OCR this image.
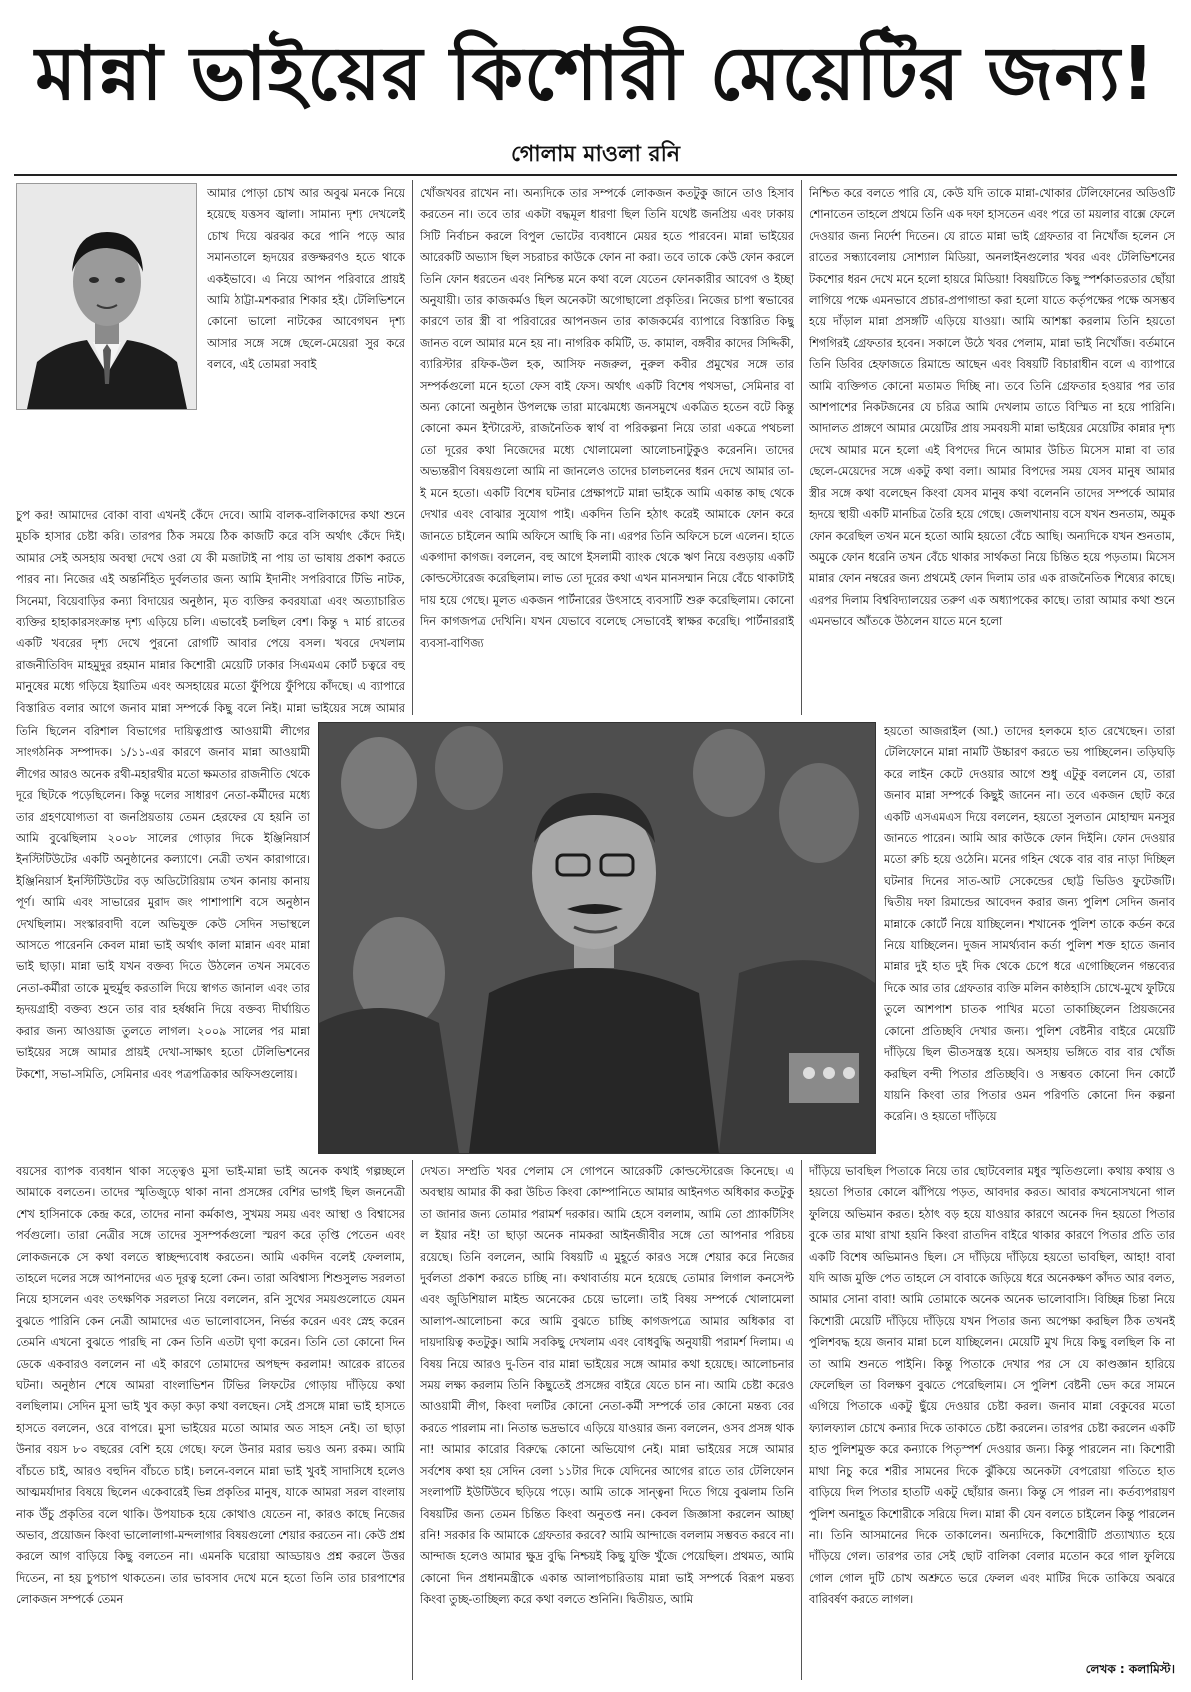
মান্না ভাইয়ের কিশোরী মেয়েটির জন্য!
গোলাম মাওলা রনি
আমার পোড়া চোখ আর অবুঝ মনকে নিয়ে হয়েছে যত্তসব জ্বালা। সামান্য দৃশ্য দেখলেই চোখ দিয়ে ঝরঝর করে পানি পড়ে আর সমানতালে হৃদয়ের রক্তক্ষরণও হতে থাকে একইভাবে। এ নিয়ে আপন পরিবারে প্রায়ই আমি ঠাট্টা-মশকরার শিকার হই। টেলিভিশনে কোনো ভালো নাটকের আবেগঘন দৃশ্য আসার সঙ্গে সঙ্গে ছেলে-মেয়েরা সুর করে বলবে, এই তোমরা সবাই
চুপ কর! আমাদের বোকা বাবা এখনই কেঁদে দেবে। আমি বালক-বালিকাদের কথা শুনে মুচকি হাসার চেষ্টা করি। তারপর ঠিক সময়ে ঠিক কাজটি করে বসি অর্থাৎ কেঁদে দিই। আমার সেই অসহায় অবস্থা দেখে ওরা যে কী মজাটাই না পায় তা ভাষায় প্রকাশ করতে পারব না। নিজের এই অন্তর্নিহিত দুর্বলতার জন্য আমি ইদানীং সপরিবারে টিভি নাটক, সিনেমা, বিয়েবাড়ির কন্যা বিদায়ের অনুষ্ঠান, মৃত ব্যক্তির কবরযাত্রা এবং অত্যাচারিত ব্যক্তির হাহাকারসংক্রান্ত দৃশ্য এড়িয়ে চলি। এভাবেই চলছিল বেশ। কিন্তু ৭ মার্চ রাতের একটি খবরের দৃশ্য দেখে পুরনো রোগটি আবার পেয়ে বসল। খবরে দেখলাম রাজনীতিবিদ মাহমুদুর রহমান মান্নার কিশোরী মেয়েটি ঢাকার সিএমএম কোর্ট চত্বরে বহু মানুষের মধ্যে গড়িয়ে ইয়াতিম এবং অসহায়ের মতো ফুঁপিয়ে ফুঁপিয়ে কাঁদছে। এ ব্যাপারে বিস্তারিত বলার আগে জনাব মান্না সম্পর্কে কিছু বলে নিই। মান্না ভাইয়ের সঙ্গে আমার
তিনি ছিলেন বরিশাল বিভাগের দায়িত্বপ্রাপ্ত আওয়ামী লীগের সাংগঠনিক সম্পাদক। ১/১১-এর কারণে জনাব মান্না আওয়ামী লীগের আরও অনেক রথী-মহারথীর মতো ক্ষমতার রাজনীতি থেকে দূরে ছিটকে পড়েছিলেন। কিন্তু দলের সাধারণ নেতা-কর্মীদের মধ্যে তার গ্রহণযোগ্যতা বা জনপ্রিয়তায় তেমন হেরফের যে হয়নি তা আমি বুঝেছিলাম ২০০৮ সালের গোড়ার দিকে ইঞ্জিনিয়ার্স ইনস্টিটিউটের একটি অনুষ্ঠানের কল্যাণে। নেত্রী তখন কারাগারে। ইঞ্জিনিয়ার্স ইনস্টিটিউটের বড় অডিটোরিয়াম তখন কানায় কানায় পূর্ণ। আমি এবং সাভারের মুরাদ জং পাশাপাশি বসে অনুষ্ঠান দেখছিলাম। সংস্কারবাদী বলে অভিযুক্ত কেউ সেদিন সভাস্থলে আসতে পারেননি কেবল মান্না ভাই অর্থাৎ কালা মান্নান এবং মান্না ভাই ছাড়া। মান্না ভাই যখন বক্তব্য দিতে উঠলেন তখন সমবেত নেতা-কর্মীরা তাকে মুহুর্মুহু করতালি দিয়ে স্বাগত জানাল এবং তার হৃদয়গ্রাহী বক্তব্য শুনে তার বার হর্ষধ্বনি দিয়ে বক্তব্য দীর্ঘায়িত করার জন্য আওয়াজ তুলতে লাগল। ২০০৯ সালের পর মান্না ভাইয়ের সঙ্গে আমার প্রায়ই দেখা-সাক্ষাৎ হতো টেলিভিশনের টকশো, সভা-সমিতি, সেমিনার এবং পত্রপত্রিকার অফিসগুলোয়।
বয়সের ব্যাপক ব্যবধান থাকা সত্ত্বেও মুসা ভাই-মান্না ভাই অনেক কথাই গল্পচ্ছলে আমাকে বলতেন। তাদের স্মৃতিজুড়ে থাকা নানা প্রসঙ্গের বেশির ভাগই ছিল জননেত্রী শেখ হাসিনাকে কেন্দ্র করে, তাদের নানা কর্মকাণ্ড, সুখময় সময় এবং আস্থা ও বিশ্বাসের পর্বগুলো। তারা নেত্রীর সঙ্গে তাদের সুসম্পর্কগুলো স্মরণ করে তৃপ্তি পেতেন এবং লোকজনকে সে কথা বলতে স্বাচ্ছন্দ্যবোধ করতেন। আমি একদিন বলেই ফেললাম, তাহলে দলের সঙ্গে আপনাদের এত দূরত্ব হলো কেন। তারা অবিশ্বাস্য শিশুসুলভ সরলতা নিয়ে হাসলেন এবং তৎক্ষণিক সরলতা নিয়ে বললেন, রনি সুখের সময়গুলোতে যেমন বুঝতে পারিনি কেন নেত্রী আমাদের এত ভালোবাসেন, নির্ভর করেন এবং স্নেহ করেন তেমনি এখনো বুঝতে পারছি না কেন তিনি এতটা ঘৃণা করেন। তিনি তো কোনো দিন ডেকে একবারও বললেন না এই কারণে তোমাদের অপছন্দ করলাম! আরেক রাতের ঘটনা। অনুষ্ঠান শেষে আমরা বাংলাভিশন টিভির লিফটের গোড়ায় দাঁড়িয়ে কথা বলছিলাম। সেদিন মুসা ভাই খুব কড়া কড়া কথা বলছেন। সেই প্রসঙ্গে মান্না ভাই হাসতে হাসতে বললেন, ওরে বাপরে। মুসা ভাইয়ের মতো আমার অত সাহস নেই। তা ছাড়া উনার বয়স ৮০ বছরের বেশি হয়ে গেছে। ফলে উনার মরার ভয়ও অন্য রকম। আমি বাঁচতে চাই, আরও বহুদিন বাঁচতে চাই। চলনে-বলনে মান্না ভাই খুবই সাদাসিধে হলেও আত্মমর্যাদার বিষয়ে ছিলেন একেবারেই ভিন্ন প্রকৃতির মানুষ, যাকে আমরা সরল বাংলায় নাক উঁচু প্রকৃতির বলে থাকি। উপযাচক হয়ে কোথাও যেতেন না, কারও কাছে নিজের অভাব, প্রয়োজন কিংবা ভালোলাগা-মন্দলাগার বিষয়গুলো শেয়ার করতেন না। কেউ প্রশ্ন করলে আগ বাড়িয়ে কিছু বলতেন না। এমনকি ঘরোয়া আড্ডায়ও প্রশ্ন করলে উত্তর দিতেন, না হয় চুপচাপ থাকতেন। তার ভাবসাব দেখে মনে হতো তিনি তার চারপাশের লোকজন সম্পর্কে তেমন
খোঁজখবর রাখেন না। অন্যদিকে তার সম্পর্কে লোকজন কতটুকু জানে তাও হিসাব করতেন না। তবে তার একটা বদ্ধমূল ধারণা ছিল তিনি যথেষ্ট জনপ্রিয় এবং ঢাকায় সিটি নির্বাচন করলে বিপুল ভোটের ব্যবধানে মেয়র হতে পারবেন। মান্না ভাইয়ের আরেকটি অভ্যাস ছিল সচরাচর কাউকে ফোন না করা। তবে তাকে কেউ ফোন করলে তিনি ফোন ধরতেন এবং নিশ্চিন্ত মনে কথা বলে যেতেন ফোনকারীর আবেগ ও ইচ্ছা অনুযায়ী। তার কাজকর্মও ছিল অনেকটা অগোছালো প্রকৃতির। নিজের চাপা স্বভাবের কারণে তার স্ত্রী বা পরিবারের আপনজন তার কাজকর্মের ব্যাপারে বিস্তারিত কিছু জানত বলে আমার মনে হয় না। নাগরিক কমিটি, ড. কামাল, বঙ্গবীর কাদের সিদ্দিকী, ব্যারিস্টার রফিক-উল হক, আসিফ নজরুল, নুরুল কবীর প্রমুখের সঙ্গে তার সম্পর্কগুলো মনে হতো ফেস বাই ফেস। অর্থাৎ একটি বিশেষ পথসভা, সেমিনার বা অন্য কোনো অনুষ্ঠান উপলক্ষে তারা মাঝেমধ্যে জনসমুখে একত্রিত হতেন বটে কিন্তু কোনো কমন ইন্টারেস্ট, রাজনৈতিক স্বার্থ বা পরিকল্পনা নিয়ে তারা একত্রে পথচলা তো দূরের কথা নিজেদের মধ্যে খোলামেলা আলোচনাটুকুও করেননি। তাদের অভ্যন্তরীণ বিষয়গুলো আমি না জানলেও তাদের চালচলনের ধরন দেখে আমার তা-ই মনে হতো। একটি বিশেষ ঘটনার প্রেক্ষাপটে মান্না ভাইকে আমি একান্ত কাছ থেকে দেখার এবং বোঝার সুযোগ পাই। একদিন তিনি হঠাৎ করেই আমাকে ফোন করে জানতে চাইলেন আমি অফিসে আছি কি না। এরপর তিনি অফিসে চলে এলেন। হাতে একগাদা কাগজ। বললেন, বহু আগে ইসলামী ব্যাংক থেকে ঋণ নিয়ে বগুড়ায় একটি কোল্ডস্টোরেজ করেছিলাম। লাভ তো দূরের কথা এখন মানসম্মান নিয়ে বেঁচে থাকাটাই দায় হয়ে গেছে। মূলত একজন পার্টনারের উৎসাহে ব্যবসাটি শুরু করেছিলাম। কোনো দিন কাগজপত্র দেখিনি। যখন যেভাবে বলেছে সেভাবেই স্বাক্ষর করেছি। পার্টনাররাই ব্যবসা-বাণিজ্য
দেখত। সম্প্রতি খবর পেলাম সে গোপনে আরেকটি কোল্ডস্টোরেজ কিনেছে। এ অবস্থায় আমার কী করা উচিত কিংবা কোম্পানিতে আমার আইনগত অধিকার কতটুকু তা জানার জন্য তোমার পরামর্শ দরকার। আমি হেসে বললাম, আমি তো প্র্যাকটিসিং ল ইয়ার নই! তা ছাড়া অনেক নামকরা আইনজীবীর সঙ্গে তো আপনার পরিচয় রয়েছে। তিনি বললেন, আমি বিষয়টি এ মুহূর্তে কারও সঙ্গে শেয়ার করে নিজের দুর্বলতা প্রকাশ করতে চাচ্ছি না। কথাবার্তায় মনে হয়েছে তোমার লিগাল কনসেপ্ট এবং জুডিশিয়াল মাইন্ড অনেকের চেয়ে ভালো। তাই বিষয় সম্পর্কে খোলামেলা আলাপ-আলোচনা করে আমি বুঝতে চাচ্ছি কাগজপত্রে আমার অধিকার বা দায়দায়িত্ব কতটুকু। আমি সবকিছু দেখলাম এবং বোধবুদ্ধি অনুযায়ী পরামর্শ দিলাম। এ বিষয় নিয়ে আরও দু-তিন বার মান্না ভাইয়ের সঙ্গে আমার কথা হয়েছে। আলোচনার সময় লক্ষ্য করলাম তিনি কিছুতেই প্রসঙ্গের বাইরে যেতে চান না। আমি চেষ্টা করেও আওয়ামী লীগ, কিংবা দলটির কোনো নেতা-কর্মী সম্পর্কে তার কোনো মন্তব্য বের করতে পারলাম না। নিতান্ত ভদ্রভাবে এড়িয়ে যাওয়ার জন্য বললেন, ওসব প্রসঙ্গ থাক না! আমার কারোর বিরুদ্ধে কোনো অভিযোগ নেই। মান্না ভাইয়ের সঙ্গে আমার সর্বশেষ কথা হয় সেদিন বেলা ১১টার দিকে যেদিনের আগের রাতে তার টেলিফোন সংলাপটি ইউটিউবে ছড়িয়ে পড়ে। আমি তাকে সান্ত্বনা দিতে গিয়ে বুঝলাম তিনি বিষয়টির জন্য তেমন চিন্তিত কিংবা অনুতপ্ত নন। কেবল জিজ্ঞাসা করলেন আচ্ছা রনি! সরকার কি আমাকে গ্রেফতার করবে? আমি আন্দাজে বললাম সম্ভবত করবে না। আন্দাজ হলেও আমার ক্ষুদ্র বুদ্ধি নিশ্চয়ই কিছু যুক্তি খুঁজে পেয়েছিল। প্রথমত, আমি কোনো দিন প্রধানমন্ত্রীকে একান্ত আলাপচারিতায় মান্না ভাই সম্পর্কে বিরূপ মন্তব্য কিংবা তুচ্ছ-তাচ্ছিল্য করে কথা বলতে শুনিনি। দ্বিতীয়ত, আমি
নিশ্চিত করে বলতে পারি যে, কেউ যদি তাকে মান্না-খোকার টেলিফোনের অডিওটি শোনাতেন তাহলে প্রথমে তিনি এক দফা হাসতেন এবং পরে তা ময়লার বাক্সে ফেলে দেওয়ার জন্য নির্দেশ দিতেন। যে রাতে মান্না ভাই গ্রেফতার বা নিখোঁজ হলেন সে রাতের সন্ধ্যাবেলায় সোশ্যাল মিডিয়া, অনলাইনগুলোর খবর এবং টেলিভিশনের টকশোর ধরন দেখে মনে হলো হায়রে মিডিয়া! বিষয়টিতে কিছু স্পর্শকাতরতার ছোঁয়া লাগিয়ে পক্ষে এমনভাবে প্রচার-প্রপাগান্ডা করা হলো যাতে কর্তৃপক্ষের পক্ষে অসম্ভব হয়ে দাঁড়াল মান্না প্রসঙ্গটি এড়িয়ে যাওয়া। আমি আশঙ্কা করলাম তিনি হয়তো শিগগিরই গ্রেফতার হবেন। সকালে উঠে খবর পেলাম, মান্না ভাই নিখোঁজ। বর্তমানে তিনি ডিবির হেফাজতে রিমান্ডে আছেন এবং বিষয়টি বিচারাধীন বলে এ ব্যাপারে আমি ব্যক্তিগত কোনো মতামত দিচ্ছি না। তবে তিনি গ্রেফতার হওয়ার পর তার আশপাশের নিকটজনের যে চরিত্র আমি দেখলাম তাতে বিস্মিত না হয়ে পারিনি। আদালত প্রাঙ্গণে আমার মেয়েটির প্রায় সমবয়সী মান্না ভাইয়ের মেয়েটির কান্নার দৃশ্য দেখে আমার মনে হলো এই বিপদের দিনে আমার উচিত মিসেস মান্না বা তার ছেলে-মেয়েদের সঙ্গে একটু কথা বলা। আমার বিপদের সময় যেসব মানুষ আমার স্ত্রীর সঙ্গে কথা বলেছেন কিংবা যেসব মানুষ কথা বলেননি তাদের সম্পর্কে আমার হৃদয়ে স্থায়ী একটি মানচিত্র তৈরি হয়ে গেছে। জেলখানায় বসে যখন শুনতাম, অমুক ফোন করেছিল তখন মনে হতো আমি হয়তো বেঁচে আছি। অন্যদিকে যখন শুনতাম, অমুকে ফোন ধরেনি তখন বেঁচে থাকার সার্থকতা নিয়ে চিন্তিত হয়ে পড়তাম। মিসেস মান্নার ফোন নম্বরের জন্য প্রথমেই ফোন দিলাম তার এক রাজনৈতিক শিষ্যের কাছে। এরপর দিলাম বিশ্ববিদ্যালয়ের তরুণ এক অধ্যাপকের কাছে। তারা আমার কথা শুনে এমনভাবে আঁতকে উঠলেন যাতে মনে হলো
হয়তো আজরাইল (আ.) তাদের হলকমে হাত রেখেছেন। তারা টেলিফোনে মান্না নামটি উচ্চারণ করতে ভয় পাচ্ছিলেন। তড়িঘড়ি করে লাইন কেটে দেওয়ার আগে শুধু এটুকু বললেন যে, তারা জনাব মান্না সম্পর্কে কিছুই জানেন না। তবে একজন ছোট করে একটি এসএমএস দিয়ে বললেন, হয়তো সুলতান মোহাম্মদ মনসুর জানতে পারেন। আমি আর কাউকে ফোন দিইনি। ফোন দেওয়ার মতো রুচি হয়ে ওঠেনি। মনের গহিন থেকে বার বার নাড়া দিচ্ছিল ঘটনার দিনের সাত-আট সেকেন্ডের ছোট্ট ভিডিও ফুটেজটি। দ্বিতীয় দফা রিমান্ডের আবেদন করার জন্য পুলিশ সেদিন জনাব মান্নাকে কোর্টে নিয়ে যাচ্ছিলেন। শখানেক পুলিশ তাকে কর্ডন করে নিয়ে যাচ্ছিলেন। দুজন সামর্থ্যবান কর্তা পুলিশ শক্ত হাতে জনাব মান্নার দুই হাত দুই দিক থেকে চেপে ধরে এগোচ্ছিলেন গন্তব্যের দিকে আর তার গ্রেফতার ব্যক্তি মলিন কাষ্ঠহাসি চোখে-মুখে ফুটিয়ে তুলে আশপাশ চাতক পাখির মতো তাকাচ্ছিলেন প্রিয়জনের কোনো প্রতিচ্ছবি দেখার জন্য। পুলিশ বেষ্টনীর বাইরে মেয়েটি দাঁড়িয়ে ছিল ভীতসন্ত্রস্ত হয়ে। অসহায় ভঙ্গিতে বার বার খোঁজ করছিল বন্দী পিতার প্রতিচ্ছবি। ও সম্ভবত কোনো দিন কোর্টে যায়নি কিংবা তার পিতার ওমন পরিণতি কোনো দিন কল্পনা করেনি। ও হয়তো দাঁড়িয়ে
দাঁড়িয়ে ভাবছিল পিতাকে নিয়ে তার ছোটবেলার মধুর স্মৃতিগুলো। কথায় কথায় ও হয়তো পিতার কোলে ঝাঁপিয়ে পড়ত, আবদার করত। আবার কখনোসখনো গাল ফুলিয়ে অভিমান করত। হঠাৎ বড় হয়ে যাওয়ার কারণে অনেক দিন হয়তো পিতার বুকে তার মাথা রাখা হয়নি কিংবা রাতদিন বাইরে থাকার কারণে পিতার প্রতি তার একটি বিশেষ অভিমানও ছিল। সে দাঁড়িয়ে দাঁড়িয়ে হয়তো ভাবছিল, আহা! বাবা যদি আজ মুক্তি পেত তাহলে সে বাবাকে জড়িয়ে ধরে অনেকক্ষণ কাঁদত আর বলত, আমার সোনা বাবা! আমি তোমাকে অনেক অনেক ভালোবাসি। বিচ্ছিন্ন চিন্তা নিয়ে কিশোরী মেয়েটি দাঁড়িয়ে দাঁড়িয়ে যখন পিতার জন্য অপেক্ষা করছিল ঠিক তখনই পুলিশবদ্ধ হয়ে জনাব মান্না চলে যাচ্ছিলেন। মেয়েটি মুখ দিয়ে কিছু বলছিল কি না তা আমি শুনতে পাইনি। কিন্তু পিতাকে দেখার পর সে যে কাণ্ডজ্ঞান হারিয়ে ফেলেছিল তা বিলক্ষণ বুঝতে পেরেছিলাম। সে পুলিশ বেষ্টনী ভেদ করে সামনে এগিয়ে পিতাকে একটু ছুঁয়ে দেওয়ার চেষ্টা করল। জনাব মান্না বেকুবের মতো ফ্যালফ্যাল চোখে কন্যার দিকে তাকাতে চেষ্টা করলেন। তারপর চেষ্টা করলেন একটি হাত পুলিশমুক্ত করে কন্যাকে পিতৃস্পর্শ দেওয়ার জন্য। কিন্তু পারলেন না। কিশোরী মাথা নিচু করে শরীর সামনের দিকে ঝুঁকিয়ে অনেকটা বেপরোয়া গতিতে হাত বাড়িয়ে দিল পিতার হাতটি একটু ছোঁয়ার জন্য। কিন্তু সে পারল না। কর্তব্যপরায়ণ পুলিশ অনাহূত কিশোরীকে সরিয়ে দিল। মান্না কী যেন বলতে চাইলেন কিন্তু পারলেন না। তিনি আসমানের দিকে তাকালেন। অন্যদিকে, কিশোরীটি প্রত্যাখ্যাত হয়ে দাঁড়িয়ে গেল। তারপর তার সেই ছোট বালিকা বেলার মতোন করে গাল ফুলিয়ে গোল গোল দুটি চোখ অশ্রুতে ভরে ফেলল এবং মাটির দিকে তাকিয়ে অঝরে বারিবর্ষণ করতে লাগল।
লেখক : কলামিস্ট।
